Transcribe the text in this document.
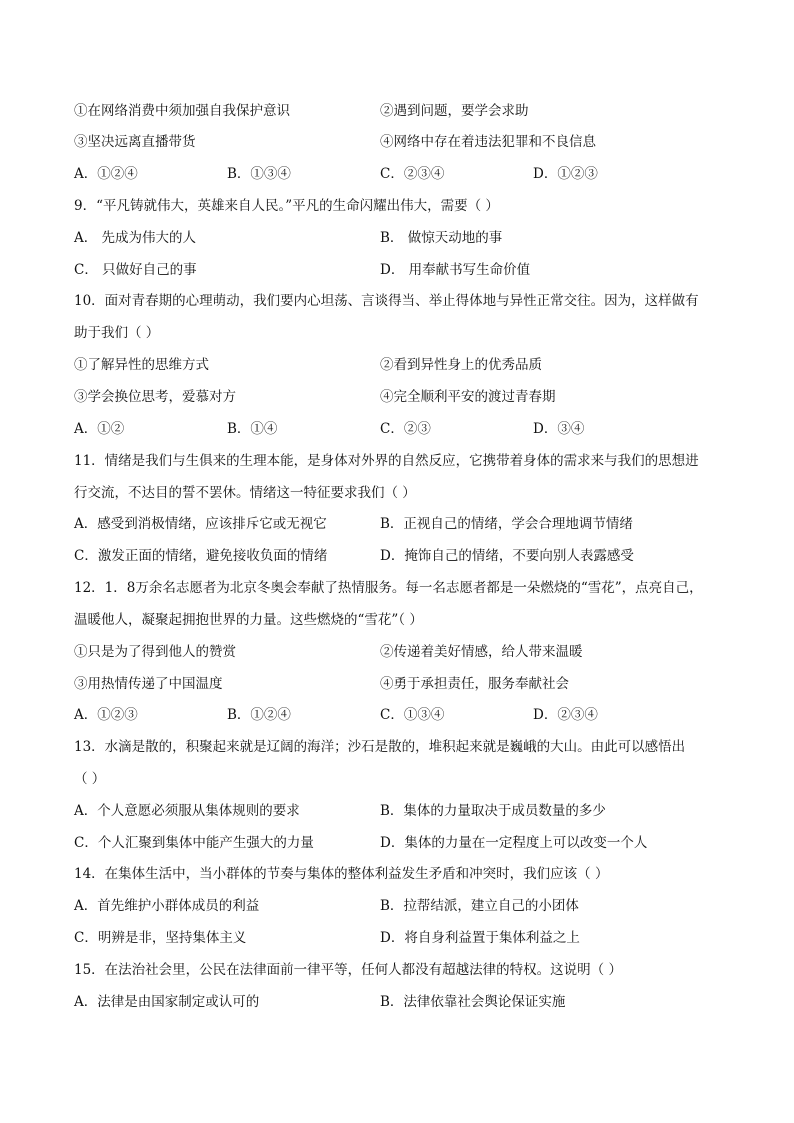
①在网络消费中须加强自我保护意识	②遇到问题，要学会求助
③坚决远离直播带货	④网络中存在着违法犯罪和不良信息
A．①②④	B．①③④	C．②③④	D．①②③
9．“平凡铸就伟大，英雄来自人民。”平凡的生命闪耀出伟大，需要（ ）
A． 先成为伟大的人	B． 做惊天动地的事
C． 只做好自己的事	D． 用奉献书写生命价值
10．面对青春期的心理萌动，我们要内心坦荡、言谈得当、举止得体地与异性正常交往。因为，这样做有
助于我们（ ）
①了解异性的思维方式	②看到异性身上的优秀品质
③学会换位思考，爱慕对方	④完全顺利平安的渡过青春期
A．①②	B．①④	C．②③	D．③④
11．情绪是我们与生俱来的生理本能，是身体对外界的自然反应，它携带着身体的需求来与我们的思想进
行交流，不达目的誓不罢休。情绪这一特征要求我们（ ）
A．感受到消极情绪，应该排斥它或无视它	B．正视自己的情绪，学会合理地调节情绪
C．激发正面的情绪，避免接收负面的情绪	D．掩饰自己的情绪，不要向别人表露感受
12．1．8万余名志愿者为北京冬奥会奉献了热情服务。每一名志愿者都是一朵燃烧的“雪花”，点亮自己，
温暖他人，凝聚起拥抱世界的力量。这些燃烧的“雪花”（ ）
①只是为了得到他人的赞赏	②传递着美好情感，给人带来温暖
③用热情传递了中国温度	④勇于承担责任，服务奉献社会
A．①②③	B．①②④	C．①③④	D．②③④
13．水滴是散的，积聚起来就是辽阔的海洋；沙石是散的，堆积起来就是巍峨的大山。由此可以感悟出
（ ）
A．个人意愿必须服从集体规则的要求	B．集体的力量取决于成员数量的多少
C．个人汇聚到集体中能产生强大的力量	D．集体的力量在一定程度上可以改变一个人
14．在集体生活中，当小群体的节奏与集体的整体利益发生矛盾和冲突时，我们应该（ ）
A．首先维护小群体成员的利益	B．拉帮结派，建立自己的小团体
C．明辨是非，坚持集体主义	D．将自身利益置于集体利益之上
15．在法治社会里，公民在法律面前一律平等，任何人都没有超越法律的特权。这说明（ ）
A．法律是由国家制定或认可的	B．法律依靠社会舆论保证实施
